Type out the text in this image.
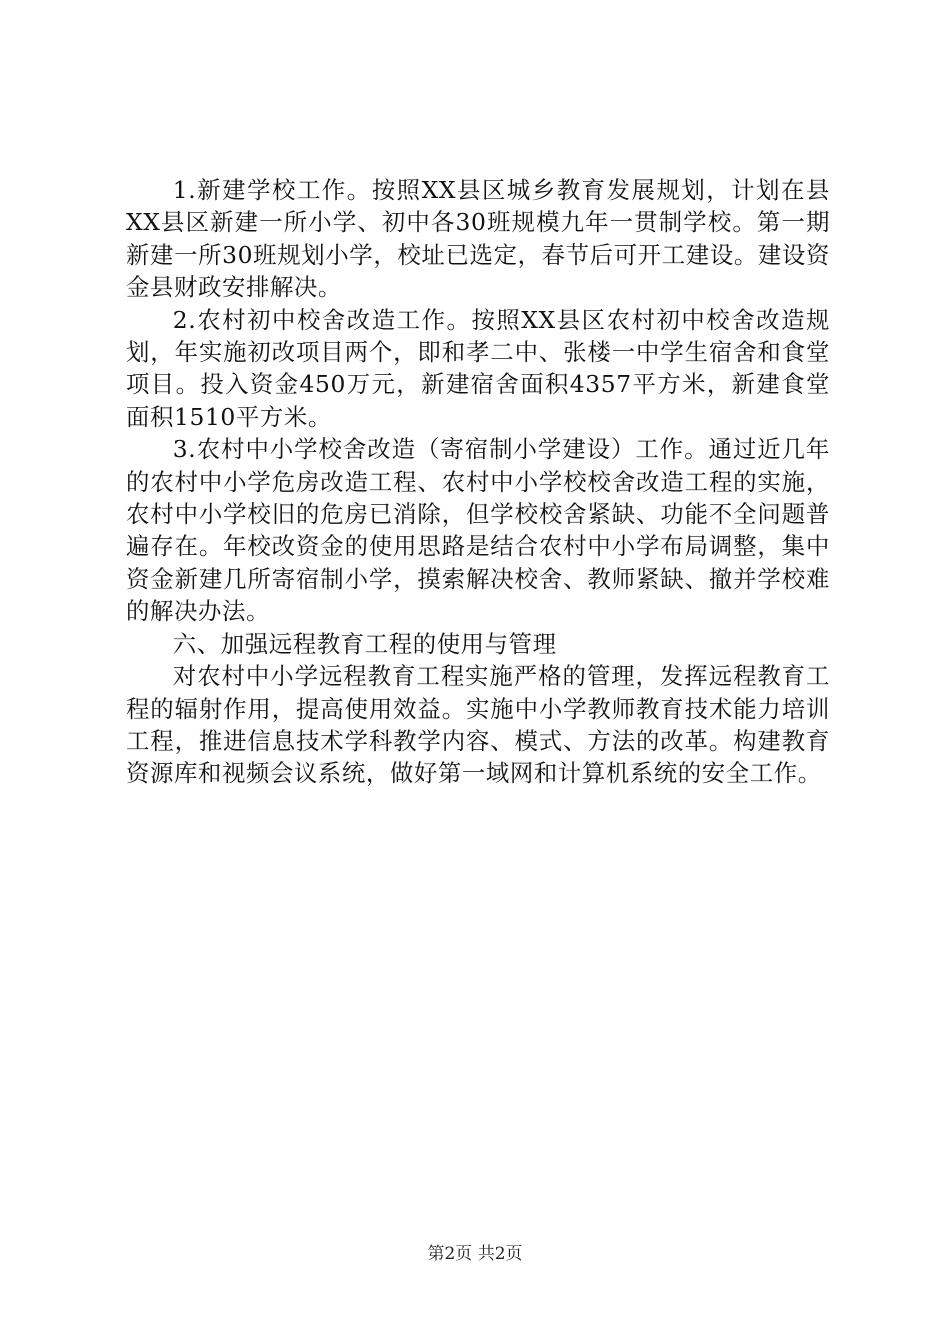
1.新建学校工作。按照XX县区城乡教育发展规划，计划在县XX县区新建一所小学、初中各30班规模九年一贯制学校。第一期新建一所30班规划小学，校址已选定，春节后可开工建设。建设资金县财政安排解决。

2.农村初中校舍改造工作。按照XX县区农村初中校舍改造规划，年实施初改项目两个，即和孝二中、张楼一中学生宿舍和食堂项目。投入资金450万元，新建宿舍面积4357平方米，新建食堂面积1510平方米。

3.农村中小学校舍改造（寄宿制小学建设）工作。通过近几年的农村中小学危房改造工程、农村中小学校校舍改造工程的实施，农村中小学校旧的危房已消除，但学校校舍紧缺、功能不全问题普遍存在。年校改资金的使用思路是结合农村中小学布局调整，集中资金新建几所寄宿制小学，摸索解决校舍、教师紧缺、撤并学校难的解决办法。

六、加强远程教育工程的使用与管理

对农村中小学远程教育工程实施严格的管理，发挥远程教育工程的辐射作用，提高使用效益。实施中小学教师教育技术能力培训工程，推进信息技术学科教学内容、模式、方法的改革。构建教育资源库和视频会议系统，做好第一域网和计算机系统的安全工作。

第2页 共2页
